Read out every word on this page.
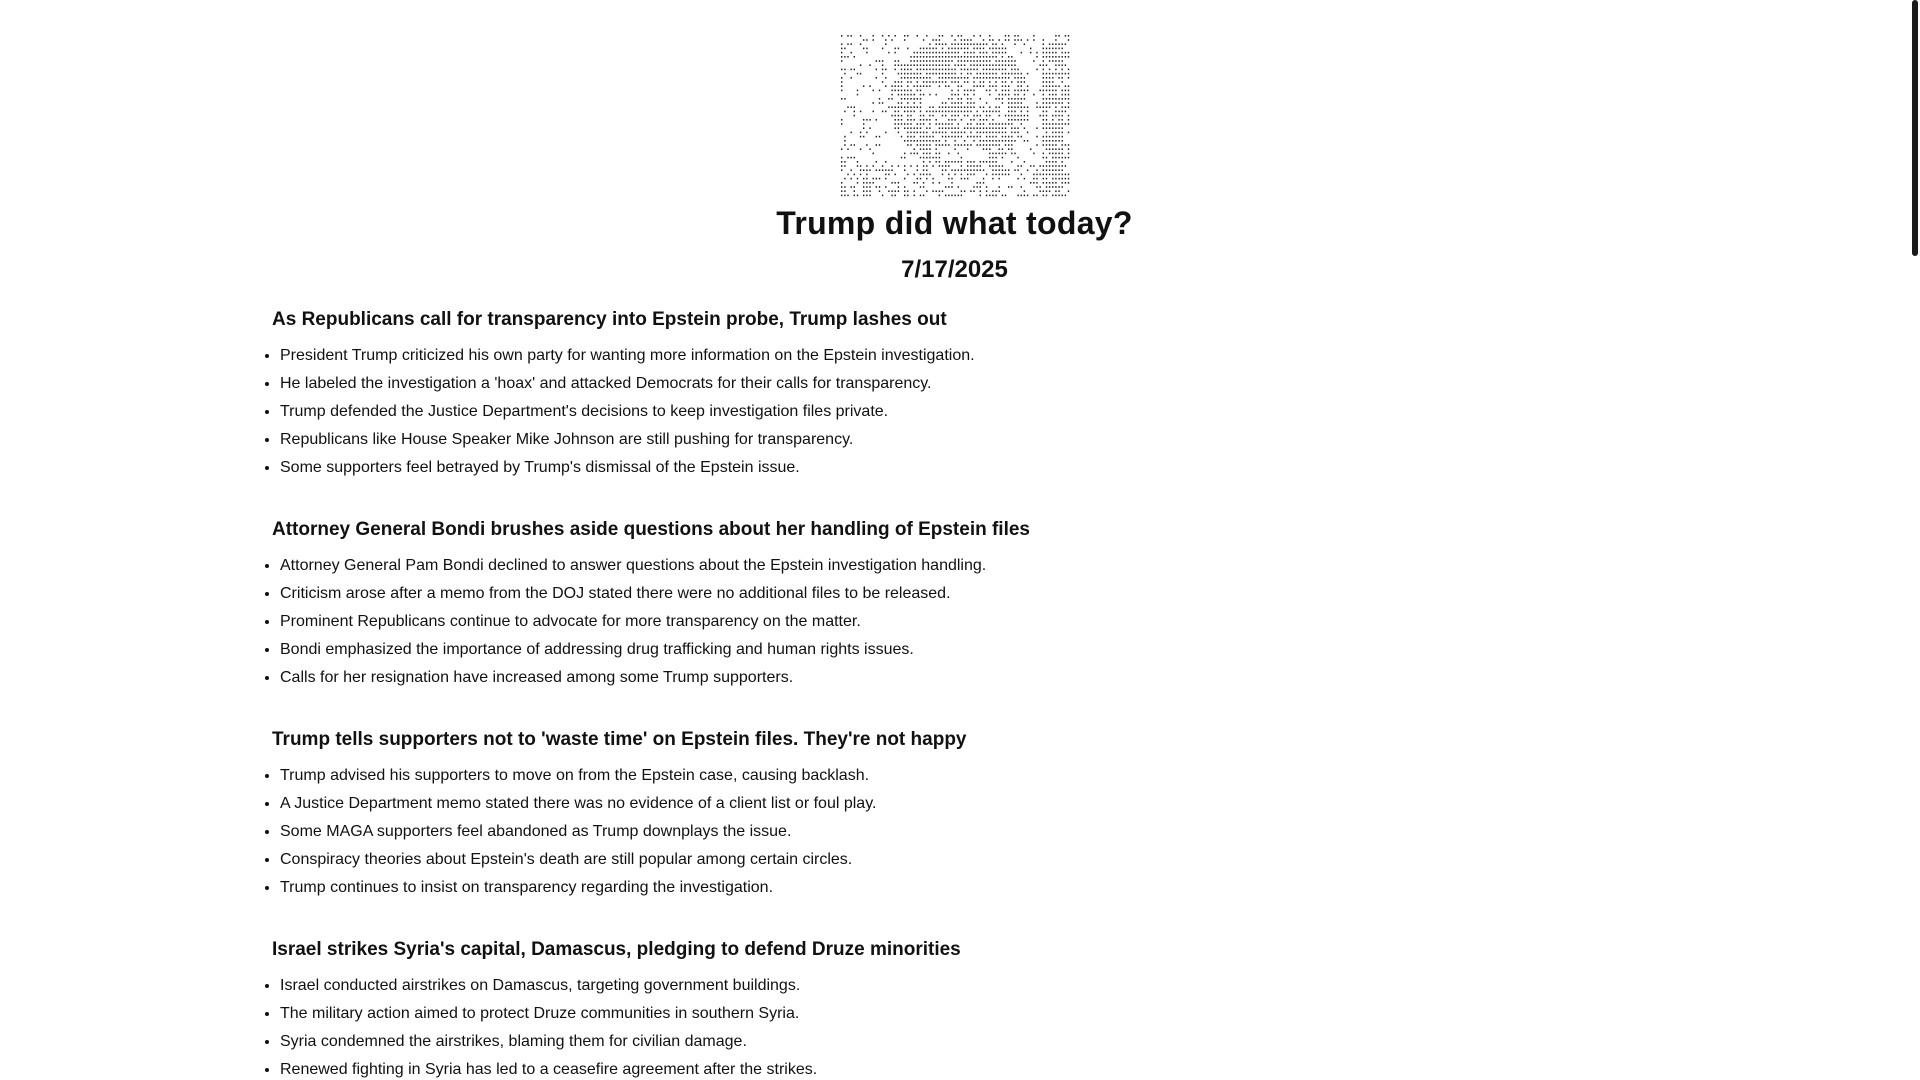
Trump did what today?
7/17/2025
As Republicans call for transparency into Epstein probe, Trump lashes out
• President Trump criticized his own party for wanting more information on the Epstein investigation.
• He labeled the investigation a 'hoax' and attacked Democrats for their calls for transparency.
• Trump defended the Justice Department's decisions to keep investigation files private.
• Republicans like House Speaker Mike Johnson are still pushing for transparency.
• Some supporters feel betrayed by Trump's dismissal of the Epstein issue.
Attorney General Bondi brushes aside questions about her handling of Epstein files
• Attorney General Pam Bondi declined to answer questions about the Epstein investigation handling.
• Criticism arose after a memo from the DOJ stated there were no additional files to be released.
• Prominent Republicans continue to advocate for more transparency on the matter.
• Bondi emphasized the importance of addressing drug trafficking and human rights issues.
• Calls for her resignation have increased among some Trump supporters.
Trump tells supporters not to 'waste time' on Epstein files. They're not happy
• Trump advised his supporters to move on from the Epstein case, causing backlash.
• A Justice Department memo stated there was no evidence of a client list or foul play.
• Some MAGA supporters feel abandoned as Trump downplays the issue.
• Conspiracy theories about Epstein's death are still popular among certain circles.
• Trump continues to insist on transparency regarding the investigation.
Israel strikes Syria's capital, Damascus, pledging to defend Druze minorities
• Israel conducted airstrikes on Damascus, targeting government buildings.
• The military action aimed to protect Druze communities in southern Syria.
• Syria condemned the airstrikes, blaming them for civilian damage.
• Renewed fighting in Syria has led to a ceasefire agreement after the strikes.
